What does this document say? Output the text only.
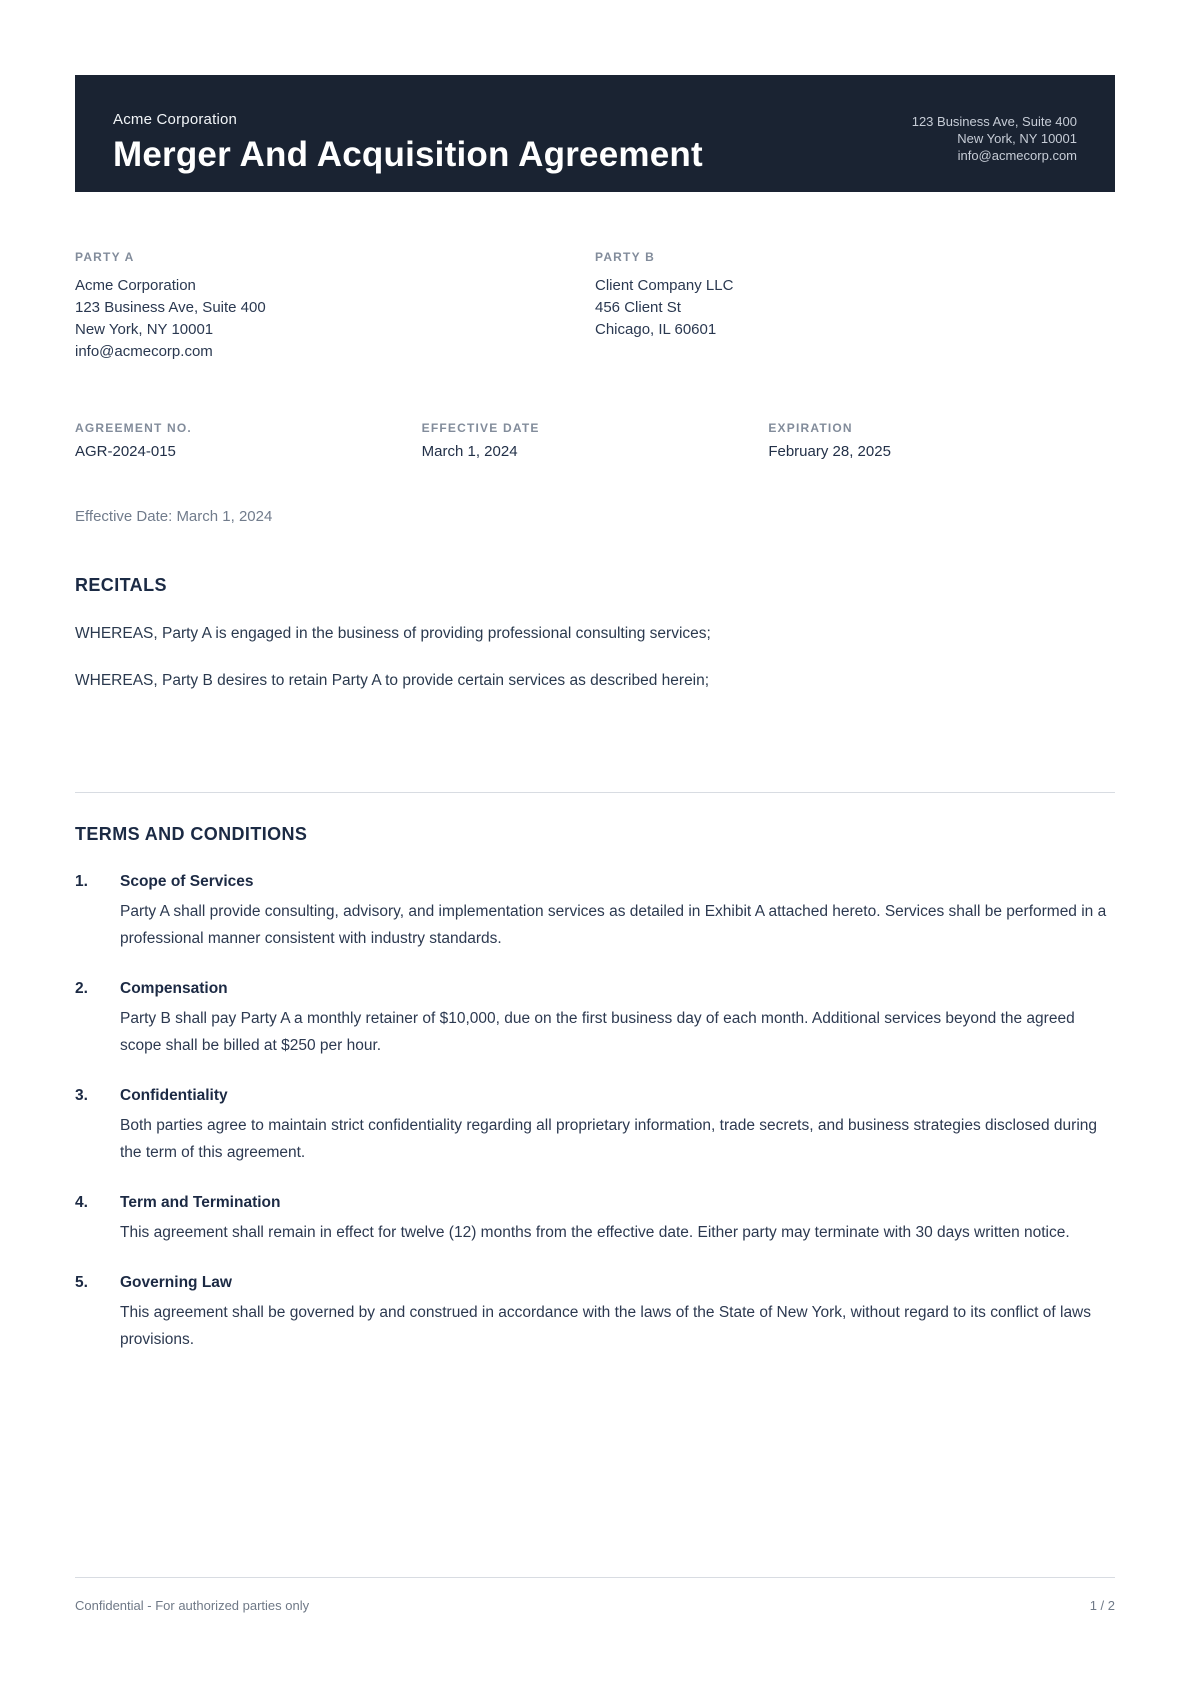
Acme Corporation
Merger And Acquisition Agreement
123 Business Ave, Suite 400
New York, NY 10001
info@acmecorp.com
PARTY A
Acme Corporation
123 Business Ave, Suite 400
New York, NY 10001
info@acmecorp.com
PARTY B
Client Company LLC
456 Client St
Chicago, IL 60601
AGREEMENT NO.
AGR-2024-015
EFFECTIVE DATE
March 1, 2024
EXPIRATION
February 28, 2025
Effective Date: March 1, 2024
RECITALS

WHEREAS, Party A is engaged in the business of providing professional consulting services;

WHEREAS, Party B desires to retain Party A to provide certain services as described herein;

TERMS AND CONDITIONS
1.	Scope of Services
Party A shall provide consulting, advisory, and implementation services as detailed in Exhibit A attached hereto. Services shall be performed in a professional manner consistent with industry standards.
2.	Compensation
Party B shall pay Party A a monthly retainer of $10,000, due on the first business day of each month. Additional services beyond the agreed scope shall be billed at $250 per hour.
3.	Confidentiality
Both parties agree to maintain strict confidentiality regarding all proprietary information, trade secrets, and business strategies disclosed during the term of this agreement.
4.	Term and Termination
This agreement shall remain in effect for twelve (12) months from the effective date. Either party may terminate with 30 days written notice.
5.	Governing Law
This agreement shall be governed by and construed in accordance with the laws of the State of New York, without regard to its conflict of laws provisions.
Confidential - For authorized parties only	1 / 2
